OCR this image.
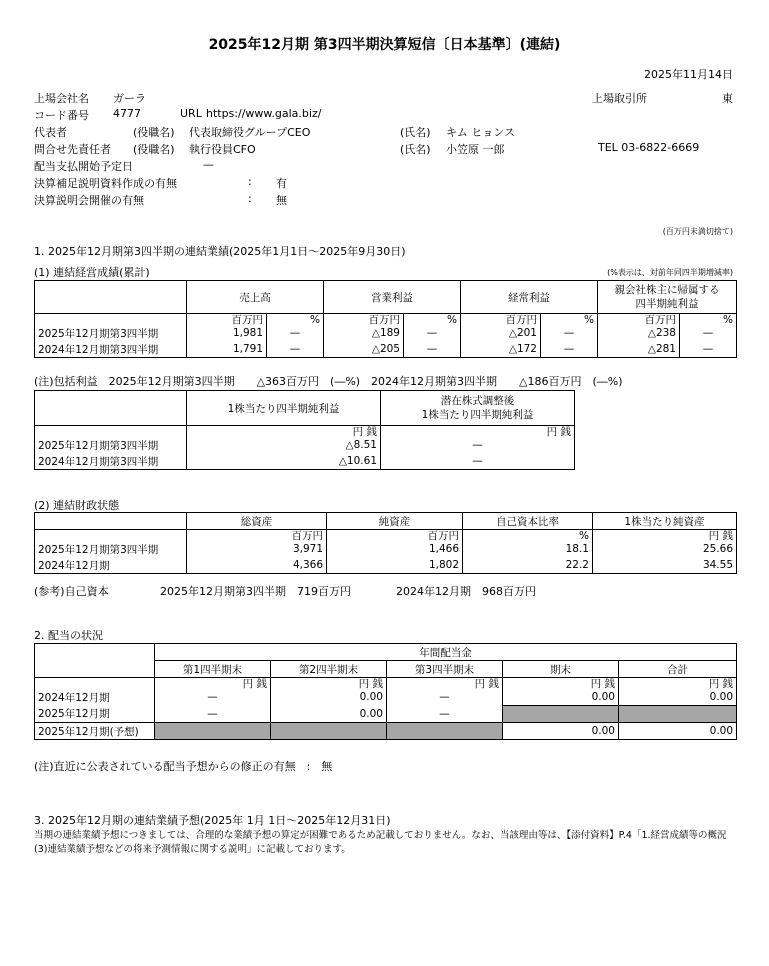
2025年12月期 第3四半期決算短信〔日本基準〕(連結)
2025年11月14日
上場会社名 ガーラ	上場取引所	東
コード番号 4777	URL https://www.gala.biz/
代表者	(役職名) 代表取締役グループCEO	(氏名) キム ヒョンス
問合せ先責任者 (役職名) 執行役員CFO	(氏名) 小笠原 一郎	TEL 03-6822-6669
配当支払開始予定日	—
決算補足説明資料作成の有無	: 有
決算説明会開催の有無	: 無
(百万円未満切捨て)
1. 2025年12月期第3四半期の連結業績(2025年1月1日～2025年9月30日)
(1) 連結経営成績(累計)	(%表示は、対前年同四半期増減率)
	売上高		営業利益		経常利益		親会社株主に帰属する
四半期純利益	

	百万円	%	百万円	%	百万円	%	百万円	%
2025年12月期第3四半期	1,981	—	△189	—	△201	—	△238	—
2024年12月期第3四半期	1,791	—	△205	—	△172	—	△281	—
(注)包括利益　2025年12月期第3四半期　　△363百万円　(―%)　2024年12月期第3四半期　　△186百万円　(―%)
	1株当たり四半期純利益	潜在株式調整後
1株当たり四半期純利益

	円 銭	円 銭
2025年12月期第3四半期	△8.51	—
2024年12月期第3四半期	△10.61	—
(2) 連結財政状態
	総資産	純資産	自己資本比率	1株当たり純資産
	百万円	百万円	%	円 銭
2025年12月期第3四半期	3,971	1,466	18.1	25.66
2024年12月期	4,366	1,802	22.2	34.55
(参考)自己資本	2025年12月期第3四半期　719百万円	2024年12月期　968百万円
2. 配当の状況
	年間配当金				
	第1四半期末	第2四半期末	第3四半期末	期末	合計
	円 銭	円 銭	円 銭	円 銭	円 銭
2024年12月期	—	0.00	—	0.00	0.00
2025年12月期	—	0.00	—		
2025年12月期(予想)				0.00	0.00
(注)直近に公表されている配当予想からの修正の有無　:　無
3. 2025年12月期の連結業績予想(2025年 1月 1日～2025年12月31日)
当期の連結業績予想につきましては、合理的な業績予想の算定が困難であるため記載しておりません。なお、当該理由等は、【添付資料】P.4「1.経営成績等の概況(3)連結業績予想などの将来予測情報に関する説明」に記載しております。
